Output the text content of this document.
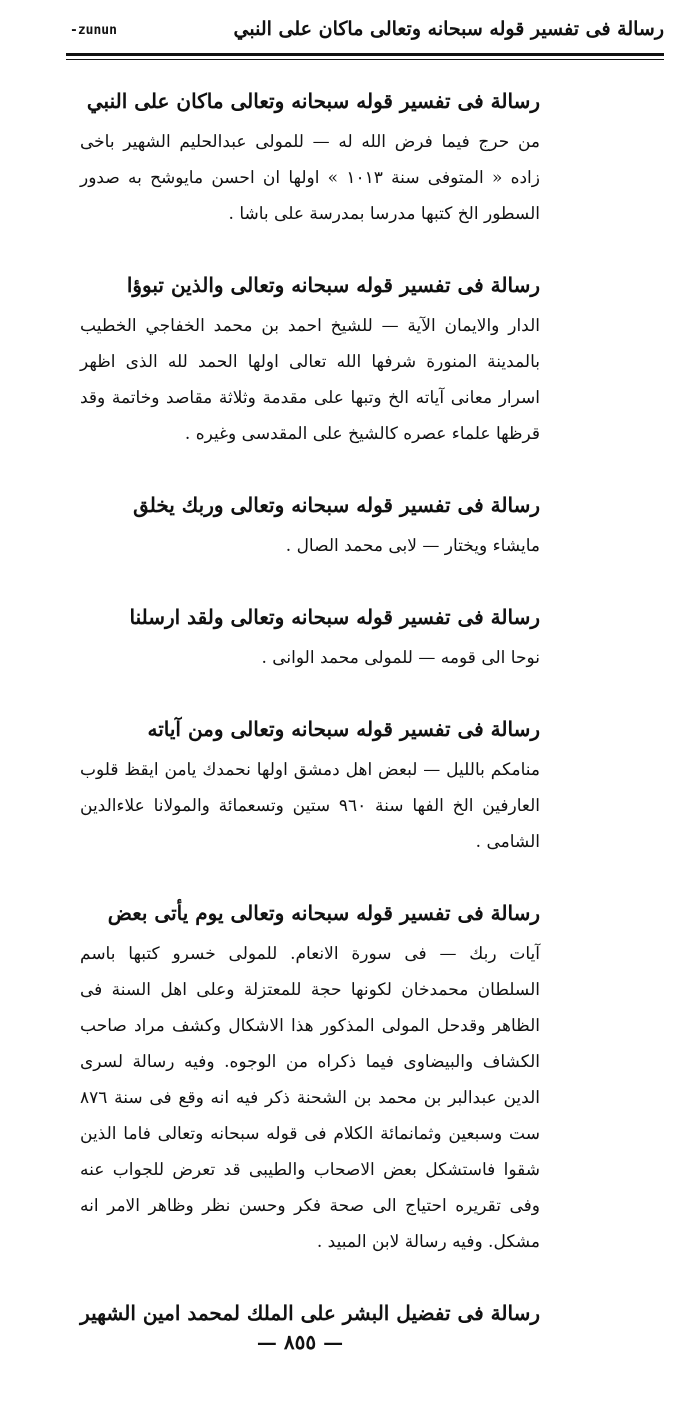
رسالة فى تفسير قوله سبحانه وتعالى ماكان على النبي
-zunun

رسالة فى تفسير قوله سبحانه وتعالى ماكان على النبي

من حرج فيما فرض الله له — للمولى عبدالحليم الشهير باخى زاده « المتوفى سنة ١٠١٣ » اولها ان احسن مايوشح به صدور السطور الخ كتبها مدرسا بمدرسة على باشا .

رسالة فى تفسير قوله سبحانه وتعالى والذين تبوؤا

الدار والايمان الآية — للشيخ احمد بن محمد الخفاجي الخطيب بالمدينة المنورة شرفها الله تعالى اولها الحمد لله الذى اظهر اسرار معانى آياته الخ وتبها على مقدمة وثلاثة مقاصد وخاتمة وقد قرظها علماء عصره كالشيخ على المقدسى وغيره .

رسالة فى تفسير قوله سبحانه وتعالى وربك يخلق

مايشاء ويختار — لابى محمد الصال .

رسالة فى تفسير قوله سبحانه وتعالى ولقد ارسلنا

نوحا الى قومه — للمولى محمد الوانى .

رسالة فى تفسير قوله سبحانه وتعالى ومن آياته

منامكم بالليل — لبعض اهل دمشق اولها نحمدك يامن ايقظ قلوب العارفين الخ الفها سنة ٩٦٠ ستين وتسعمائة والمولانا علاءالدين الشامى .

رسالة فى تفسير قوله سبحانه وتعالى يوم يأتى بعض

آيات ربك — فى سورة الانعام. للمولى خسرو كتبها باسم السلطان محمدخان لكونها حجة للمعتزلة وعلى اهل السنة فى الظاهر وقدحل المولى المذكور هذا الاشكال وكشف مراد صاحب الكشاف والبيضاوى فيما ذكراه من الوجوه. وفيه رسالة لسرى الدين عبدالبر بن محمد بن الشحنة ذكر فيه انه وقع فى سنة ٨٧٦ ست وسبعين وثمانمائة الكلام فى قوله سبحانه وتعالى فاما الذين شقوا فاستشكل بعض الاصحاب والطيبى قد تعرض للجواب عنه وفى تقريره احتياج الى صحة فكر وحسن نظر وظاهر الامر انه مشكل. وفيه رسالة لابن المبيد .

رسالة فى تفضيل البشر على الملك لمحمد امين الشهير

— ٨٥٥ —
